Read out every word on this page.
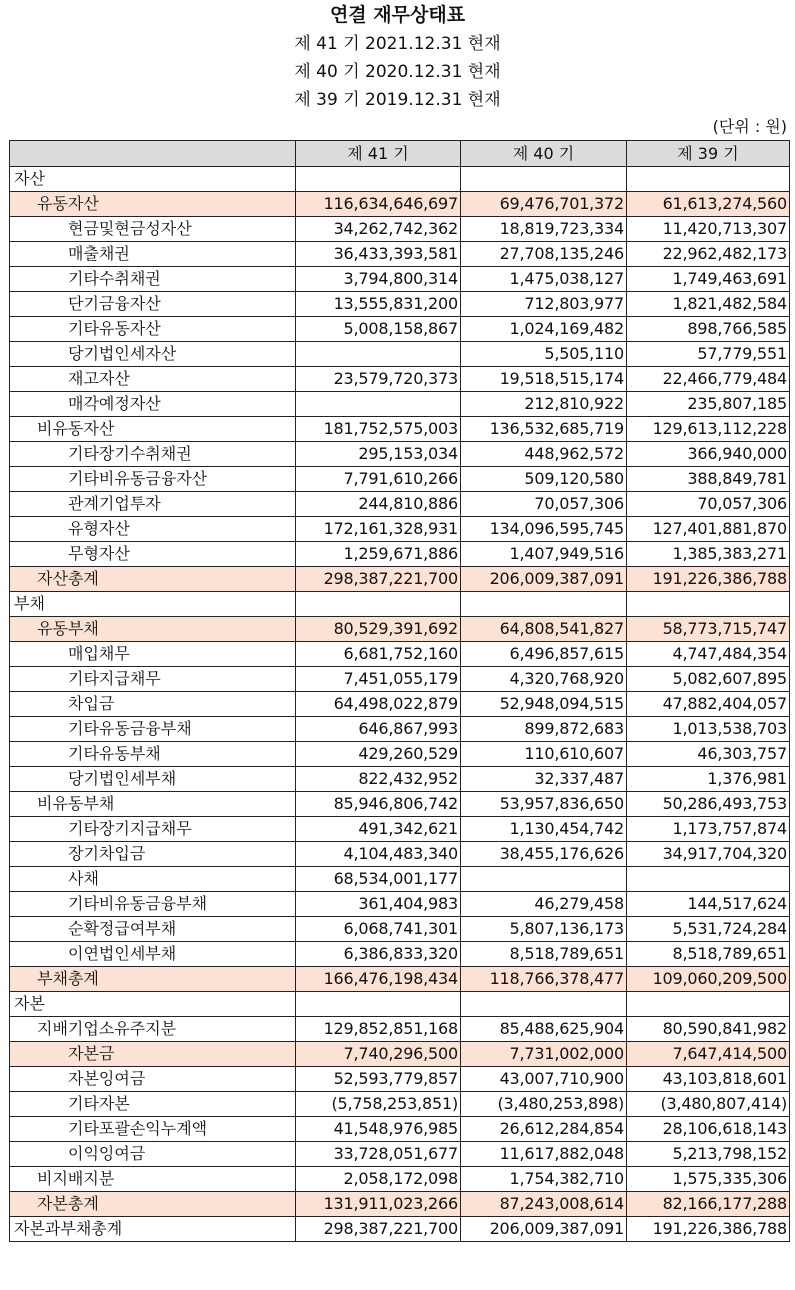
연결 재무상태표
제 41 기 2021.12.31 현재
제 40 기 2020.12.31 현재
제 39 기 2019.12.31 현재
(단위 : 원)
	제 41 기	제 40 기	제 39 기
자산			
유동자산	116,634,646,697	69,476,701,372	61,613,274,560
현금및현금성자산	34,262,742,362	18,819,723,334	11,420,713,307
매출채권	36,433,393,581	27,708,135,246	22,962,482,173
기타수취채권	3,794,800,314	1,475,038,127	1,749,463,691
단기금융자산	13,555,831,200	712,803,977	1,821,482,584
기타유동자산	5,008,158,867	1,024,169,482	898,766,585
당기법인세자산		5,505,110	57,779,551
재고자산	23,579,720,373	19,518,515,174	22,466,779,484
매각예정자산		212,810,922	235,807,185
비유동자산	181,752,575,003	136,532,685,719	129,613,112,228
기타장기수취채권	295,153,034	448,962,572	366,940,000
기타비유동금융자산	7,791,610,266	509,120,580	388,849,781
관계기업투자	244,810,886	70,057,306	70,057,306
유형자산	172,161,328,931	134,096,595,745	127,401,881,870
무형자산	1,259,671,886	1,407,949,516	1,385,383,271
자산총계	298,387,221,700	206,009,387,091	191,226,386,788
부채			
유동부채	80,529,391,692	64,808,541,827	58,773,715,747
매입채무	6,681,752,160	6,496,857,615	4,747,484,354
기타지급채무	7,451,055,179	4,320,768,920	5,082,607,895
차입금	64,498,022,879	52,948,094,515	47,882,404,057
기타유동금융부채	646,867,993	899,872,683	1,013,538,703
기타유동부채	429,260,529	110,610,607	46,303,757
당기법인세부채	822,432,952	32,337,487	1,376,981
비유동부채	85,946,806,742	53,957,836,650	50,286,493,753
기타장기지급채무	491,342,621	1,130,454,742	1,173,757,874
장기차입금	4,104,483,340	38,455,176,626	34,917,704,320
사채	68,534,001,177		
기타비유동금융부채	361,404,983	46,279,458	144,517,624
순확정급여부채	6,068,741,301	5,807,136,173	5,531,724,284
이연법인세부채	6,386,833,320	8,518,789,651	8,518,789,651
부채총계	166,476,198,434	118,766,378,477	109,060,209,500
자본			
지배기업소유주지분	129,852,851,168	85,488,625,904	80,590,841,982
자본금	7,740,296,500	7,731,002,000	7,647,414,500
자본잉여금	52,593,779,857	43,007,710,900	43,103,818,601
기타자본	(5,758,253,851)	(3,480,253,898)	(3,480,807,414)
기타포괄손익누계액	41,548,976,985	26,612,284,854	28,106,618,143
이익잉여금	33,728,051,677	11,617,882,048	5,213,798,152
비지배지분	2,058,172,098	1,754,382,710	1,575,335,306
자본총계	131,911,023,266	87,243,008,614	82,166,177,288
자본과부채총계	298,387,221,700	206,009,387,091	191,226,386,788
